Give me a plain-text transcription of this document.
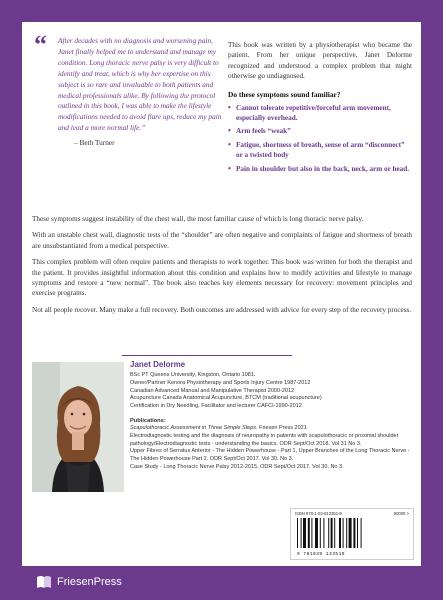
“	After decades with no diagnosis and worsening pain, Janet finally helped me to understand and manage my condition. Long thoracic nerve palsy is very difficult to identify and treat, which is why her expertise on this subject is so rare and invaluable to both patients and medical professionals alike. By following the protocol outlined in this book, I was able to make the lifestyle modifications needed to avoid flare ups, reduce my pain and lead a more normal life.”
– Beth Turner
This book was written by a physiotherapist who became the patient. From her unique perspective, Janet Delorme recognized and understood a complex problem that might otherwise go undiagnosed.
Do these symptoms sound familiar?
• Cannot tolerate repetitive/forceful arm movement, especially overhead.
• Arm feels “weak”
• Fatigue, shortness of breath, sense of arm “disconnect” or a twisted body
• Pain in shoulder but also in the back, neck, arm or head.
These symptoms suggest instability of the chest wall, the most familiar cause of which is long thoracic nerve palsy.
With an unstable chest wall, diagnostic tests of the “shoulder” are often negative and complaints of fatigue and shortness of breath are unsubstantiated from a medical perspective.
This complex problem will often require patients and therapists to work together. This book was written for both the therapist and the patient. It provides insightful information about this condition and explains how to modify activities and lifestyle to manage symptoms and restore a “new normal”. The book also teaches key elements necessary for recovery: movement principles and exercise programs.
Not all people recover. Many make a full recovery. Both outcomes are addressed with advice for every step of the recovery process.
Janet Delorme
BSc PT Queens University, Kingston, Ontario 1981.
Owner/Partner Kenora Physiotherapy and Sports Injury Centre 1987-2012
Canadian Advanced Manual and Manipulative Therapist 2000-2012
Acupuncture Canada Anatomical Acupuncture, BTCM (traditional acupuncture)
Certification in Dry Needling, Facilitator and lecturer CAFCI-1990-2012.
Publications:
Scapulothoracic Assessment in Three Simple Steps. Friesen Press 2021
Electrodiagnostic testing and the diagnosis of neuropathy in patients with scapulothoracic or proximal shoulder pathology/Electrodiagnostic tests - understanding the basics. ODR Sept/Oct 2018. Vol 31 No 3.
Upper Fibres of Serratus Anterior - The Hidden Powerhouse - Part 1, Upper Branches of the Long Thoracic Nerve - The Hidden Powerhouse Part 2. ODR Sept/Oct 2017. Vol 30. No 3.
Case Study - Long Thoracic Nerve Palsy 2012-2015. ODR Sept/Oct 2017. Vol 30. No 3.
ISBN 978-1-03-913351-9	90000 >
9 781039 133519
FriesenPress
